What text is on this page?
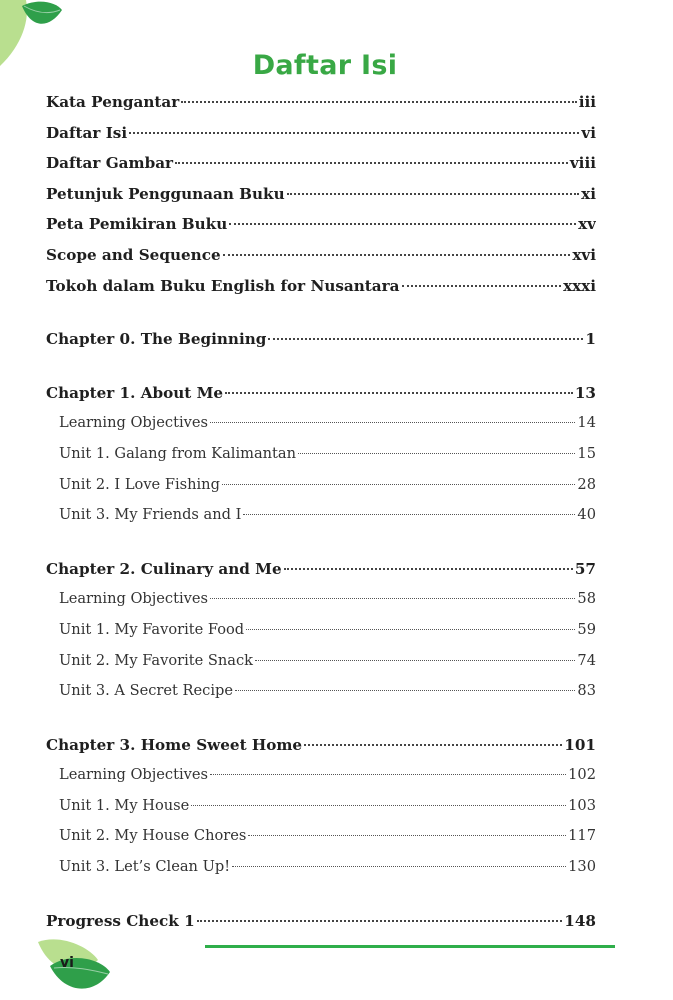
Daftar Isi
Kata Pengantar	iii
Daftar Isi	vi
Daftar Gambar	viii
Petunjuk Penggunaan Buku	xi
Peta Pemikiran Buku	xv
Scope and Sequence	xvi
Tokoh dalam Buku English for Nusantara	xxxi
Chapter 0. The Beginning	1
Chapter 1. About Me	13
Learning Objectives	14
Unit 1. Galang from Kalimantan	15
Unit 2. I Love Fishing	28
Unit 3. My Friends and I	40
Chapter 2. Culinary and Me	57
Learning Objectives	58
Unit 1. My Favorite Food	59
Unit 2. My Favorite Snack	74
Unit 3. A Secret Recipe	83
Chapter 3. Home Sweet Home	101
Learning Objectives	102
Unit 1. My House	103
Unit 2. My House Chores	117
Unit 3. Let’s Clean Up!	130
Progress Check 1	148
vi
